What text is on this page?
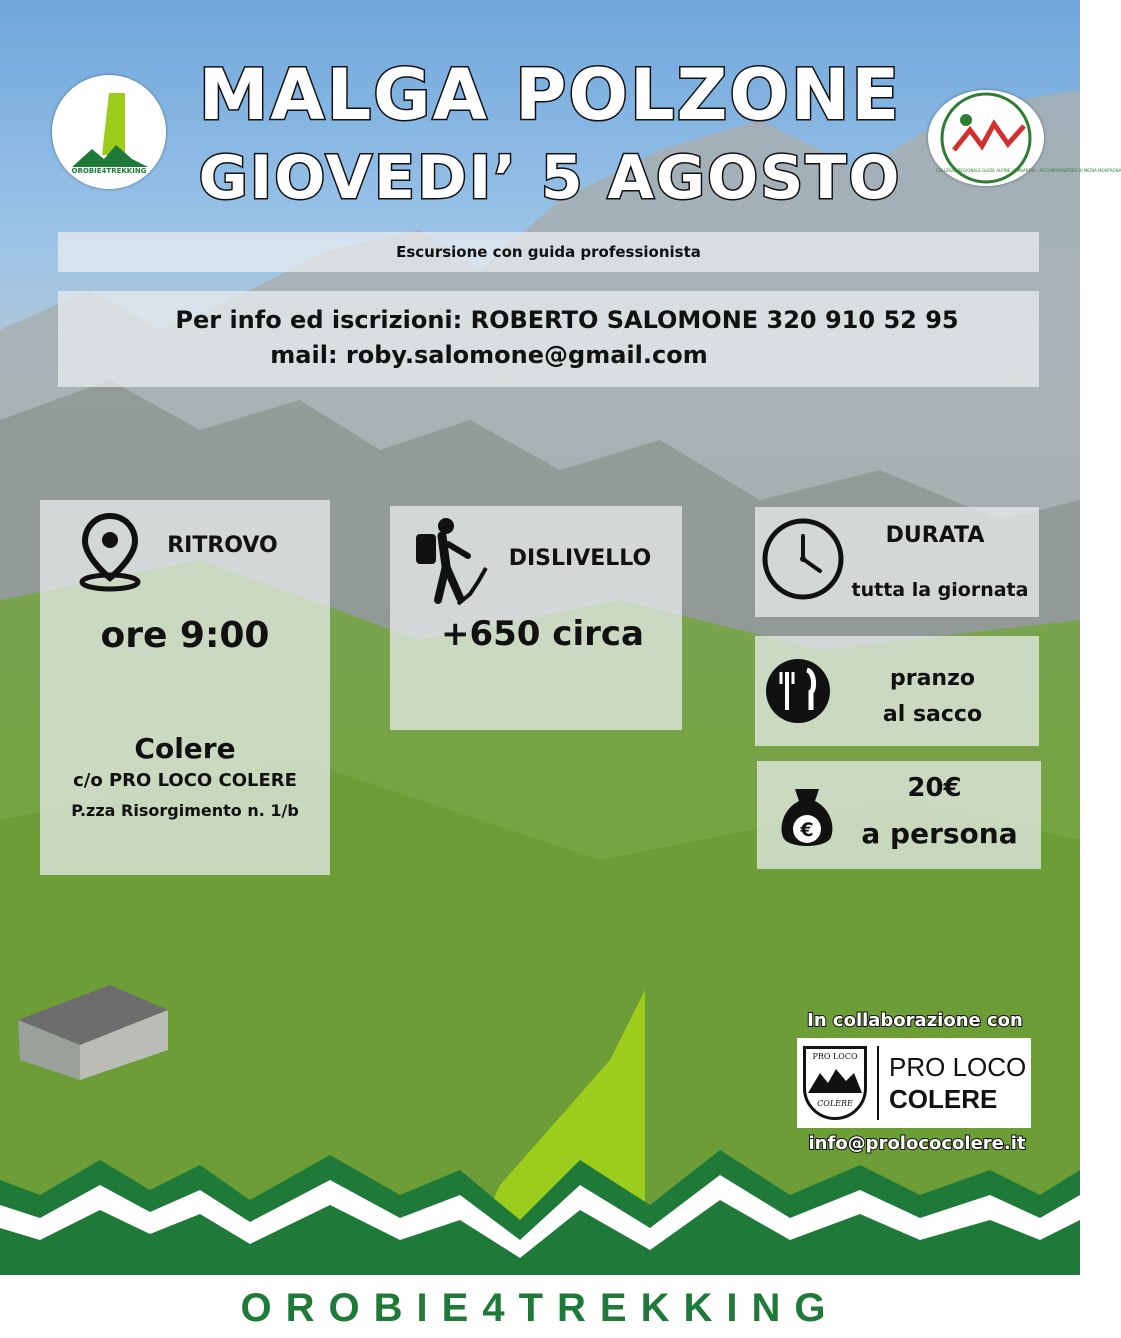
OROBIE4TREKKING	COLLEGIO REGIONALE GUIDE ALPINE LOMBARDIA · ACCOMPAGNATORI DI MEDIA MONTAGNA
MALGA POLZONE
GIOVEDI’ 5 AGOSTO
Escursione con guida professionista
Per info ed iscrizioni: ROBERTO SALOMONE 320 910 52 95
mail: roby.salomone@gmail.com
RITROVO
ore 9:00
Colere
c/o PRO LOCO COLERE
P.zza Risorgimento n. 1/b
DISLIVELLO
+650 circa
DURATA
tutta la giornata
pranzo
al sacco
€
20€
a persona
In collaborazione con
PRO LOCO
COLERE
PRO LOCO
COLERE
info@prolococolere.it
OROBIE4TREKKING
